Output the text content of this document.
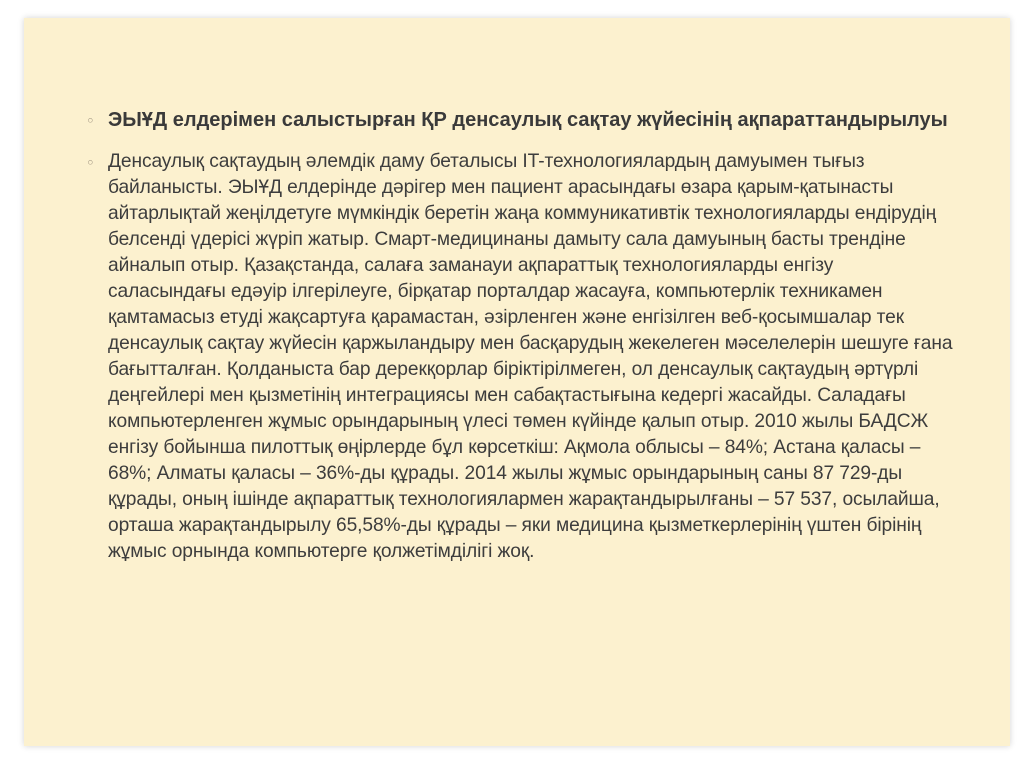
◦ ЭЫҰД елдерімен салыстырған ҚР денсаулық сақтау жүйесінің ақпараттандырылуы

◦ Денсаулық сақтаудың әлемдік даму беталысы IT-технологиялардың дамуымен тығыз байланысты. ЭЫҰД елдерінде дәрігер мен пациент арасындағы өзара қарым-қатынасты айтарлықтай жеңілдетуге мүмкіндік беретін жаңа коммуникативтік технологияларды ендірудің белсенді үдерісі жүріп жатыр. Смарт-медицинаны дамыту сала дамуының басты трендіне айналып отыр. Қазақстанда, салаға заманауи ақпараттық технологияларды енгізу саласындағы едәуір ілгерілеуге, бірқатар порталдар жасауға, компьютерлік техникамен қамтамасыз етуді жақсартуға қарамастан, әзірленген және енгізілген веб-қосымшалар тек денсаулық сақтау жүйесін қаржыландыру мен басқарудың жекелеген мәселелерін шешуге ғана бағытталған. Қолданыста бар дерекқорлар біріктірілмеген, ол денсаулық сақтаудың әртүрлі деңгейлері мен қызметінің интеграциясы мен сабақтастығына кедергі жасайды. Саладағы компьютерленген жұмыс орындарының үлесі төмен күйінде қалып отыр. 2010 жылы БАДСЖ енгізу бойынша пилоттық өңірлерде бұл көрсеткіш: Ақмола облысы – 84%; Астана қаласы – 68%; Алматы қаласы – 36%-ды құрады. 2014 жылы жұмыс орындарының саны 87 729-ды құрады, оның ішінде ақпараттық технологиялармен жарақтандырылғаны – 57 537, осылайша, орташа жарақтандырылу 65,58%-ды құрады – яки медицина қызметкерлерінің үштен бірінің жұмыс орнында компьютерге қолжетімділігі жоқ.
